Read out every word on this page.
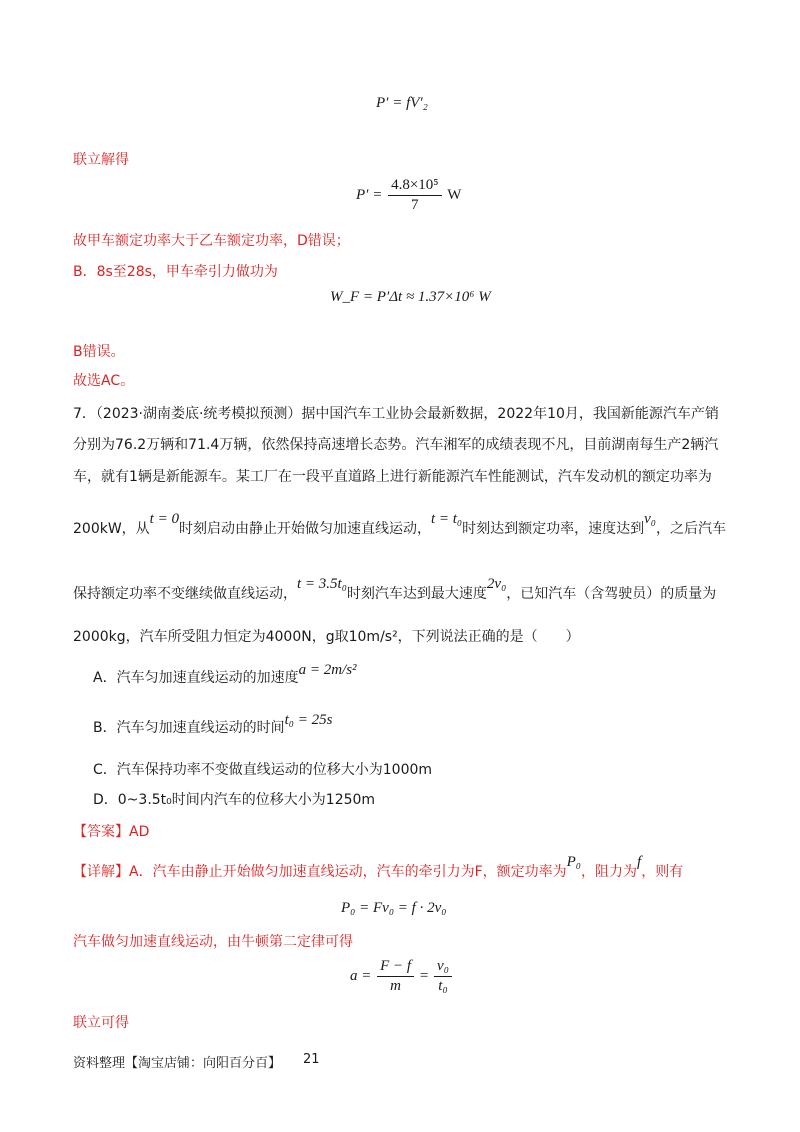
P′ = fV′₂
联立解得
$P' = \frac{\text{4.8×10⁵}}{7}$ W
故甲车额定功率大于乙车额定功率，D错误；
B．8s至28s，甲车牵引力做功为
W_F = P′Δt ≈ 1.37×10⁶ W
B错误。
故选AC。
7．（2023·湖南娄底·统考模拟预测）据中国汽车工业协会最新数据，2022年10月，我国新能源汽车产销
分别为76.2万辆和71.4万辆，依然保持高速增长态势。汽车湘军的成绩表现不凡，目前湖南每生产2辆汽
车，就有1辆是新能源车。某工厂在一段平直道路上进行新能源汽车性能测试，汽车发动机的额定功率为
200kW，从t = 0时刻启动由静止开始做匀加速直线运动，t = t₀时刻达到额定功率，速度达到v₀，之后汽车
保持额定功率不变继续做直线运动，t = 3.5t₀时刻汽车达到最大速度2v₀，已知汽车（含驾驶员）的质量为
2000kg，汽车所受阻力恒定为4000N，g取10m/s²，下列说法正确的是（　　）
A．汽车匀加速直线运动的加速度a = 2m/s²
B．汽车匀加速直线运动的时间t₀ = 25s
C．汽车保持功率不变做直线运动的位移大小为1000m
D．0~3.5t₀时间内汽车的位移大小为1250m
【答案】AD
【详解】A．汽车由静止开始做匀加速直线运动，汽车的牵引力为F，额定功率为P₀，阻力为f，则有
P₀ = Fv₀ = f · 2v₀
汽车做匀加速直线运动，由牛顿第二定律可得
$a = \frac{F - f}{m} = \frac{\text{v₀}}{\text{t₀}}$
联立可得
资料整理【淘宝店铺：向阳百分百】 21
